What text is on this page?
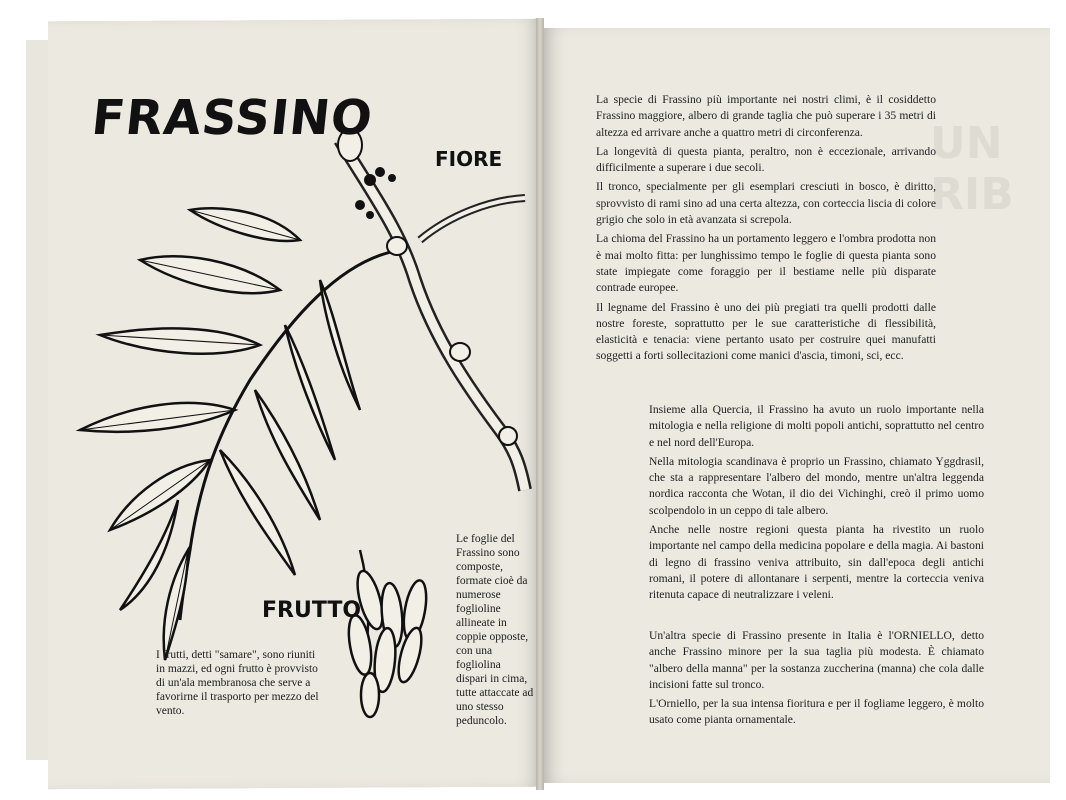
UN
RIB
FRASSINO
FIORE
FRUTTO
Le foglie del Frassino sono composte, formate cioè da numerose foglioline allineate in coppie opposte, con una fogliolina dispari in cima, tutte attaccate ad uno stesso peduncolo.
I frutti, detti "samare", sono riuniti in mazzi, ed ogni frutto è provvisto di un'ala membranosa che serve a favorirne il trasporto per mezzo del vento.

La specie di Frassino più importante nei nostri climi, è il cosiddetto Frassino maggiore, albero di grande taglia che può superare i 35 metri di altezza ed arrivare anche a quattro metri di circonferenza.

La longevità di questa pianta, peraltro, non è eccezionale, arrivando difficilmente a superare i due secoli.

Il tronco, specialmente per gli esemplari cresciuti in bosco, è diritto, sprovvisto di rami sino ad una certa altezza, con corteccia liscia di colore grigio che solo in età avanzata si screpola.

La chioma del Frassino ha un portamento leggero e l'ombra prodotta non è mai molto fitta: per lunghissimo tempo le foglie di questa pianta sono state impiegate come foraggio per il bestiame nelle più disparate contrade europee.

Il legname del Frassino è uno dei più pregiati tra quelli prodotti dalle nostre foreste, soprattutto per le sue caratteristiche di flessibilità, elasticità e tenacia: viene pertanto usato per costruire quei manufatti soggetti a forti sollecitazioni come manici d'ascia, timoni, sci, ecc.

Insieme alla Quercia, il Frassino ha avuto un ruolo importante nella mitologia e nella religione di molti popoli antichi, soprattutto nel centro e nel nord dell'Europa.

Nella mitologia scandinava è proprio un Frassino, chiamato Yggdrasil, che sta a rappresentare l'albero del mondo, mentre un'altra leggenda nordica racconta che Wotan, il dio dei Vichinghi, creò il primo uomo scolpendolo in un ceppo di tale albero.

Anche nelle nostre regioni questa pianta ha rivestito un ruolo importante nel campo della medicina popolare e della magia. Ai bastoni di legno di frassino veniva attribuito, sin dall'epoca degli antichi romani, il potere di allontanare i serpenti, mentre la corteccia veniva ritenuta capace di neutralizzare i veleni.

Un'altra specie di Frassino presente in Italia è l'ORNIELLO, detto anche Frassino minore per la sua taglia più modesta. È chiamato "albero della manna" per la sostanza zuccherina (manna) che cola dalle incisioni fatte sul tronco.

L'Orniello, per la sua intensa fioritura e per il fogliame leggero, è molto usato come pianta ornamentale.
